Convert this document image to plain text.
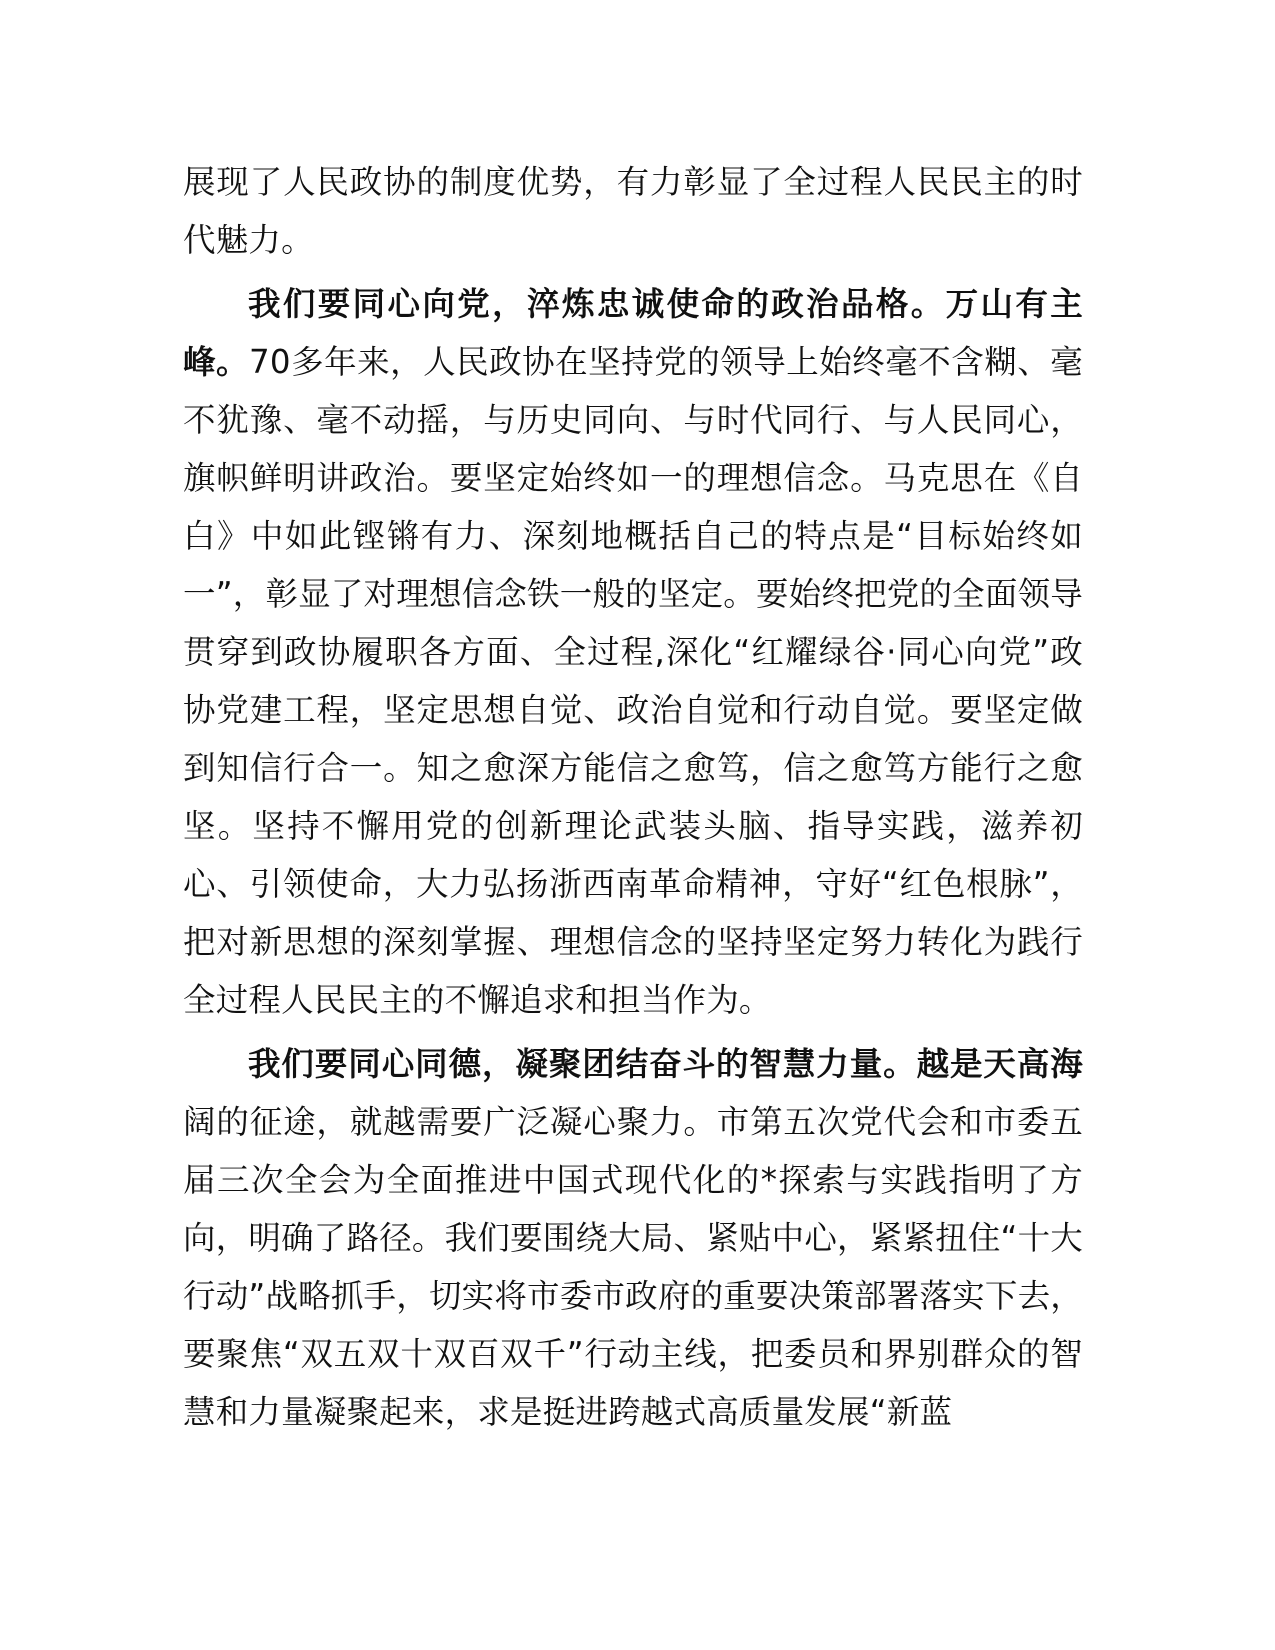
展现了人民政协的制度优势，有力彰显了全过程人民民主的时代魅力。

我们要同心向党，淬炼忠诚使命的政治品格。万山有主峰。70多年来，人民政协在坚持党的领导上始终毫不含糊、毫不犹豫、毫不动摇，与历史同向、与时代同行、与人民同心，旗帜鲜明讲政治。要坚定始终如一的理想信念。马克思在《自白》中如此铿锵有力、深刻地概括自己的特点是“目标始终如一”，彰显了对理想信念铁一般的坚定。要始终把党的全面领导贯穿到政协履职各方面、全过程,深化“红耀绿谷·同心向党”政协党建工程，坚定思想自觉、政治自觉和行动自觉。要坚定做到知信行合一。知之愈深方能信之愈笃，信之愈笃方能行之愈坚。坚持不懈用党的创新理论武装头脑、指导实践，滋养初心、引领使命，大力弘扬浙西南革命精神，守好“红色根脉”，把对新思想的深刻掌握、理想信念的坚持坚定努力转化为践行全过程人民民主的不懈追求和担当作为。

我们要同心同德，凝聚团结奋斗的智慧力量。越是天高海阔的征途，就越需要广泛凝心聚力。市第五次党代会和市委五届三次全会为全面推进中国式现代化的*探索与实践指明了方向，明确了路径。我们要围绕大局、紧贴中心，紧紧扭住“十大行动”战略抓手，切实将市委市政府的重要决策部署落实下去，要聚焦“双五双十双百双千”行动主线，把委员和界别群众的智慧和力量凝聚起来，求是挺进跨越式高质量发展“新蓝
